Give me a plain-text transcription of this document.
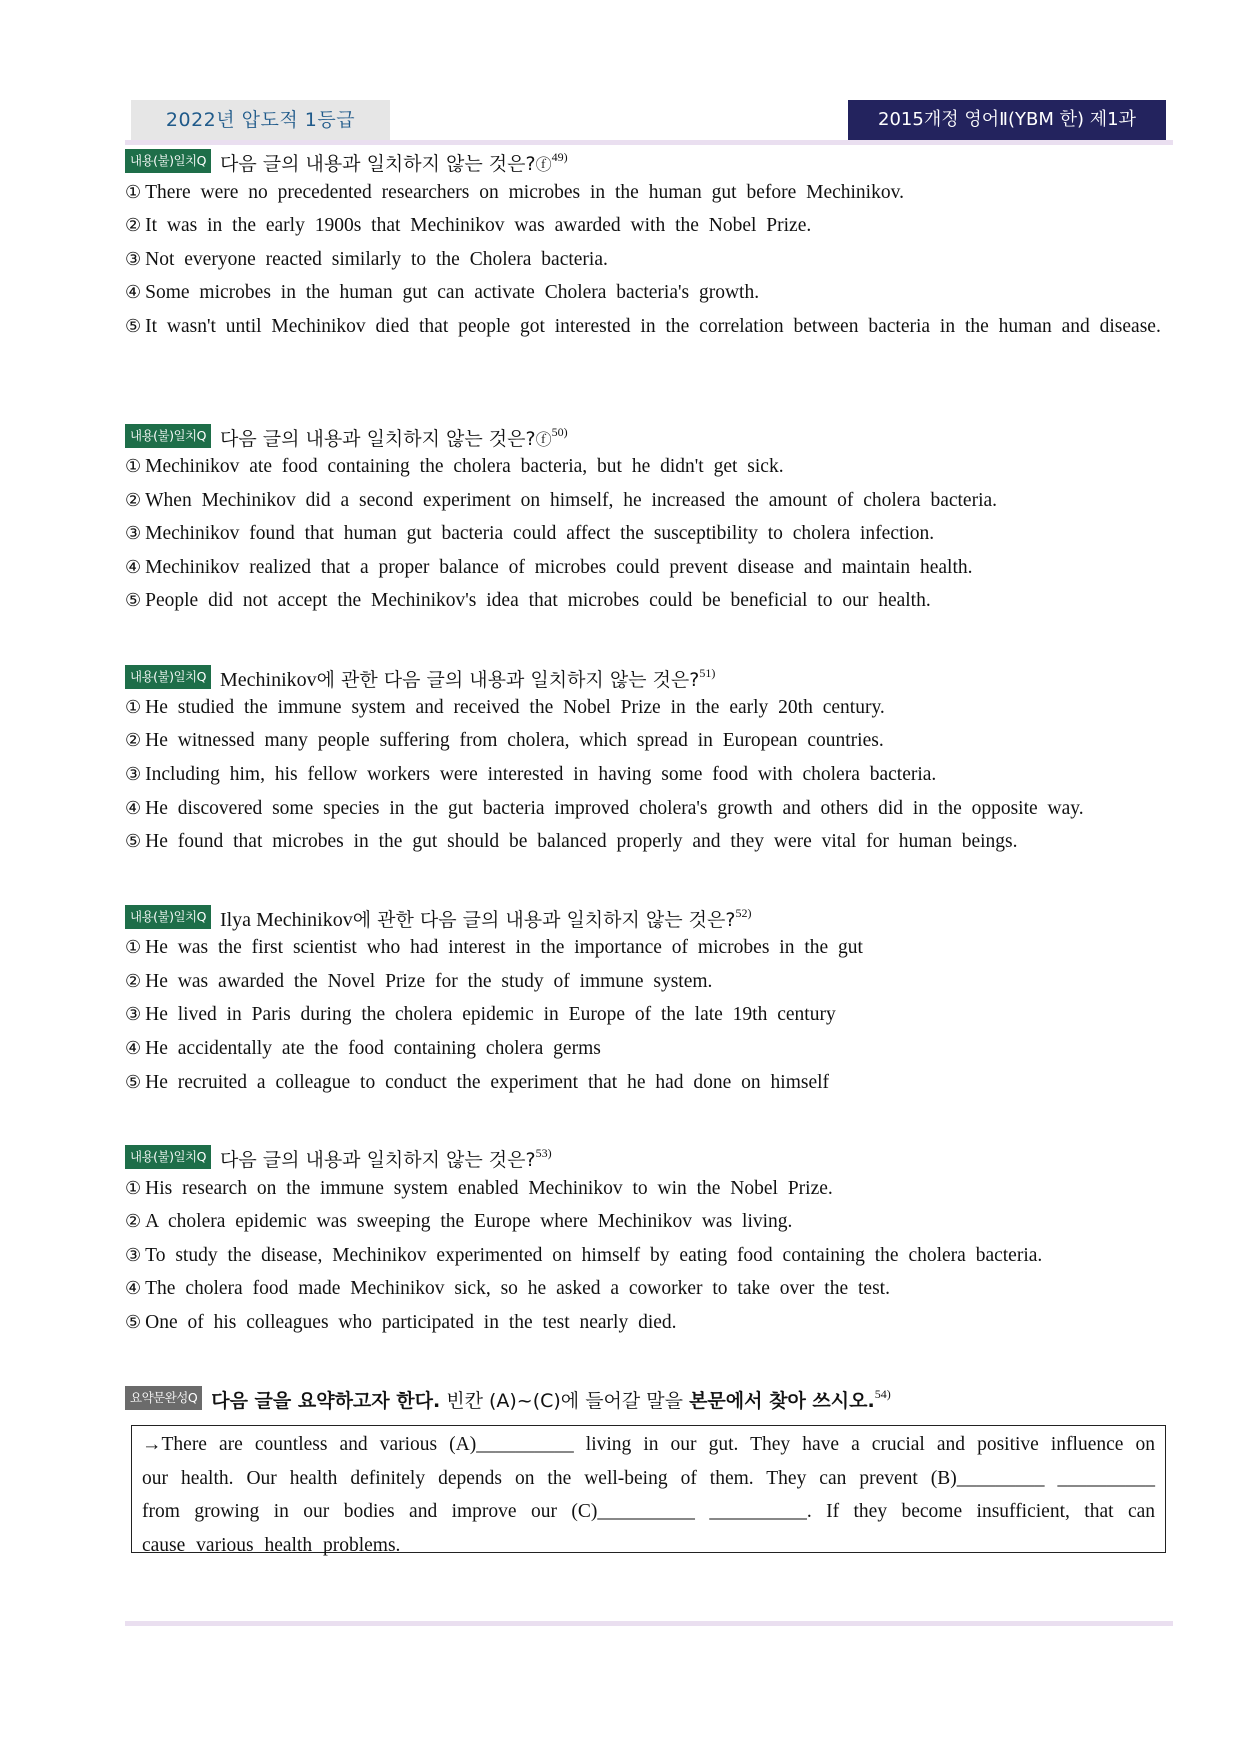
2022년 압도적 1등급	2015개정 영어Ⅱ(YBM 한) 제1과
내용(불)일치Q 다음 글의 내용과 일치하지 않는 것은?ⓕ$^{49)}$
① There were no precedented researchers on microbes in the human gut before Mechinikov.
② It was in the early 1900s that Mechinikov was awarded with the Nobel Prize.
③ Not everyone reacted similarly to the Cholera bacteria.
④ Some microbes in the human gut can activate Cholera bacteria's growth.
⑤ It wasn't until Mechinikov died that people got interested in the correlation between bacteria in the human and disease.
내용(불)일치Q 다음 글의 내용과 일치하지 않는 것은?ⓕ$^{50)}$
① Mechinikov ate food containing the cholera bacteria, but he didn't get sick.
② When Mechinikov did a second experiment on himself, he increased the amount of cholera bacteria.
③ Mechinikov found that human gut bacteria could affect the susceptibility to cholera infection.
④ Mechinikov realized that a proper balance of microbes could prevent disease and maintain health.
⑤ People did not accept the Mechinikov's idea that microbes could be beneficial to our health.
내용(불)일치Q Mechinikov에 관한 다음 글의 내용과 일치하지 않는 것은?$^{51)}$
① He studied the immune system and received the Nobel Prize in the early 20th century.
② He witnessed many people suffering from cholera, which spread in European countries.
③ Including him, his fellow workers were interested in having some food with cholera bacteria.
④ He discovered some species in the gut bacteria improved cholera's growth and others did in the opposite way.
⑤ He found that microbes in the gut should be balanced properly and they were vital for human beings.
내용(불)일치Q Ilya Mechinikov에 관한 다음 글의 내용과 일치하지 않는 것은?$^{52)}$
① He was the first scientist who had interest in the importance of microbes in the gut
② He was awarded the Novel Prize for the study of immune system.
③ He lived in Paris during the cholera epidemic in Europe of the late 19th century
④ He accidentally ate the food containing cholera germs
⑤ He recruited a colleague to conduct the experiment that he had done on himself
내용(불)일치Q 다음 글의 내용과 일치하지 않는 것은?$^{53)}$
① His research on the immune system enabled Mechinikov to win the Nobel Prize.
② A cholera epidemic was sweeping the Europe where Mechinikov was living.
③ To study the disease, Mechinikov experimented on himself by eating food containing the cholera bacteria.
④ The cholera food made Mechinikov sick, so he asked a coworker to take over the test.
⑤ One of his colleagues who participated in the test nearly died.
요약문완성Q 다음 글을 요약하고자 한다. 빈칸 (A)~(C)에 들어갈 말을 본문에서 찾아 쓰시오.$^{54)}$
→There are countless and various (A)__________ living in our gut. They have a crucial and positive influence on our health. Our health definitely depends on the well-being of them. They can prevent (B)_________ __________ from growing in our bodies and improve our (C)__________ __________. If they become insufficient, that can cause various health problems.
